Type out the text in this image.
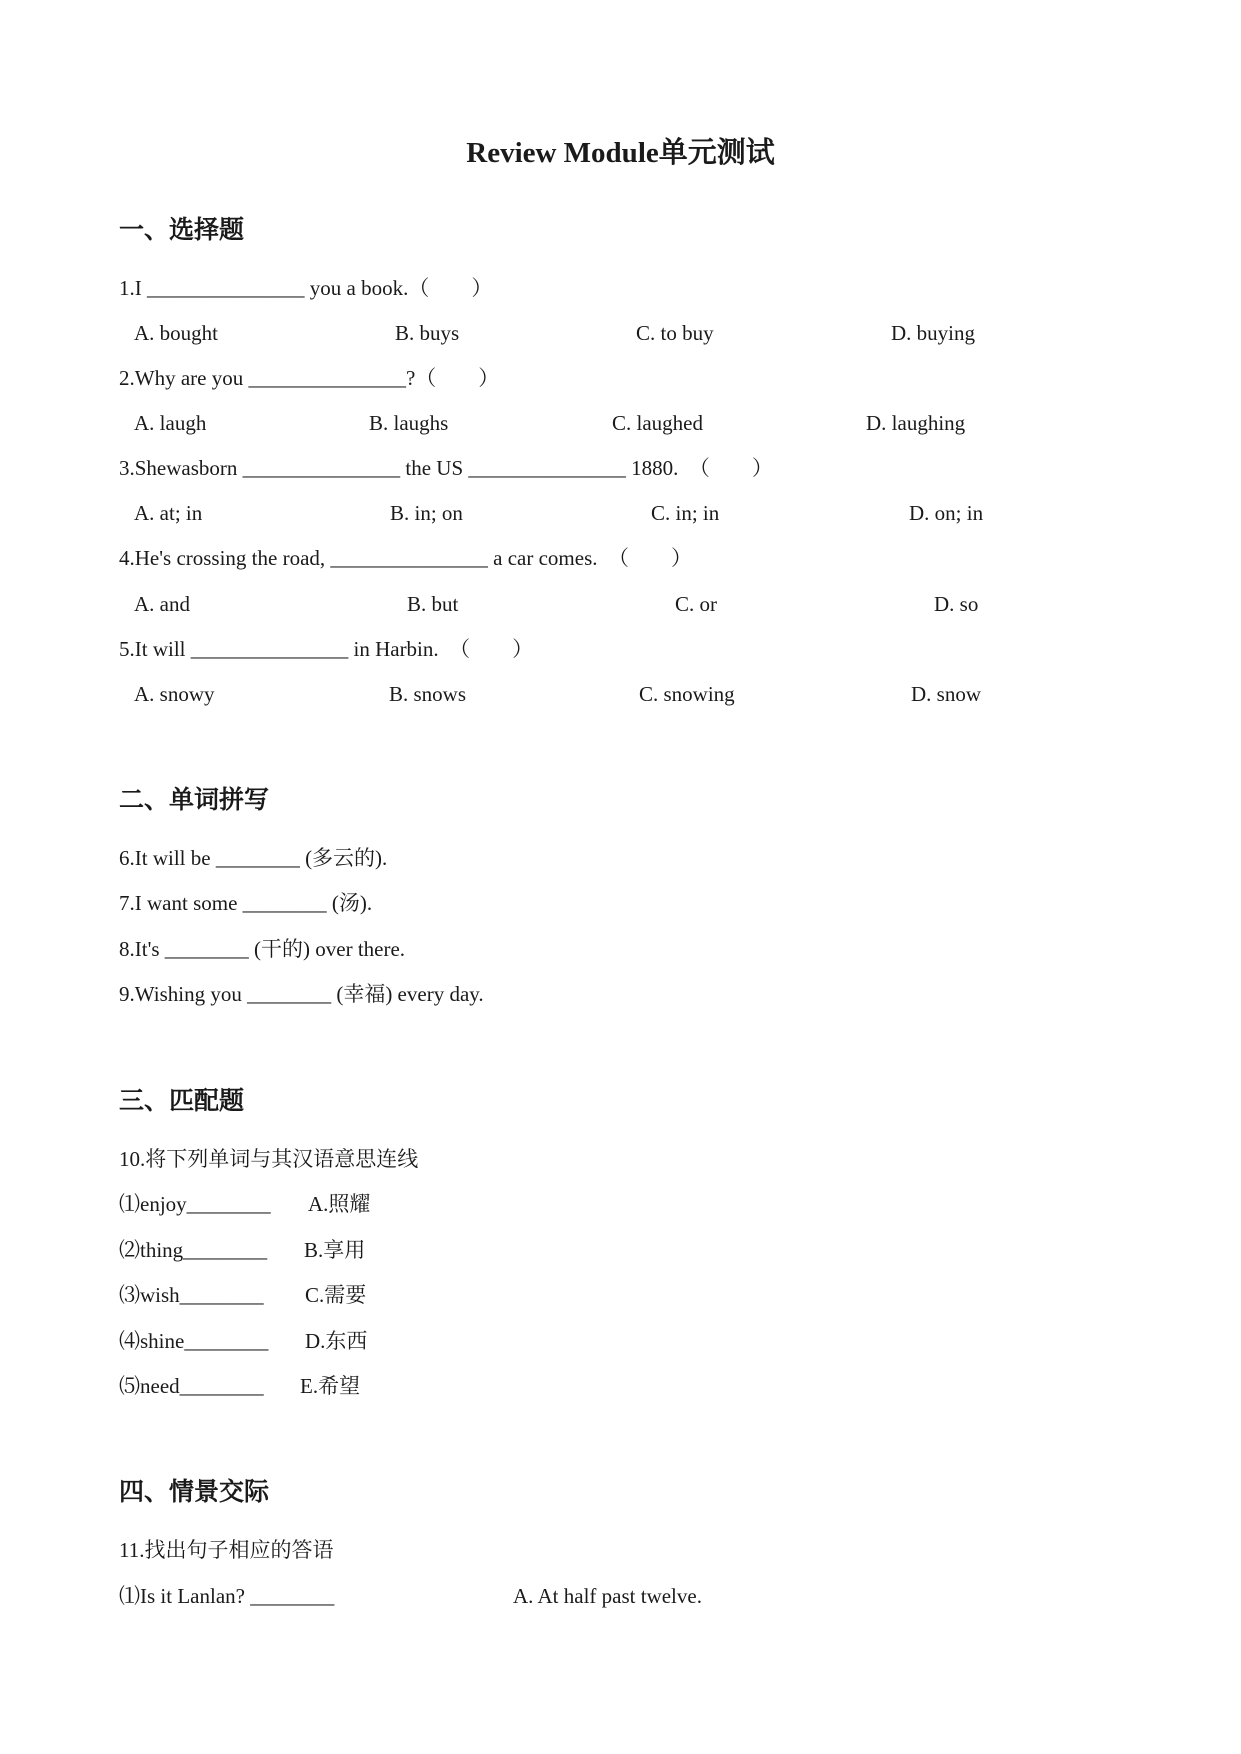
Review Module单元测试
一、选择题
1.I _______________ you a book.（　　）
A. bought	B. buys	C. to buy	D. buying
2.Why are you _______________?（　　）
A. laugh	B. laughs	C. laughed	D. laughing
3.Shewasborn _______________ the US _______________ 1880.　（　　）
A. at; in	B. in; on	C. in; in	D. on; in
4.He's crossing the road, _______________ a car comes.　（　　）
A. and	B. but	C. or	D. so
5.It will _______________ in Harbin.　（　　）
A. snowy	B. snows	C. snowing	D. snow
二、单词拼写
6.It will be ________ (多云的).
7.I want some ________ (汤).
8.It's ________ (干的) over there.
9.Wishing you ________ (幸福) every day.
三、匹配题
10.将下列单词与其汉语意思连线
⑴enjoy________ A.照耀
⑵thing________ B.享用
⑶wish________ C.需要
⑷shine________ D.东西
⑸need________ E.希望
四、情景交际
11.找出句子相应的答语
⑴Is it Lanlan? ________	A. At half past twelve.
